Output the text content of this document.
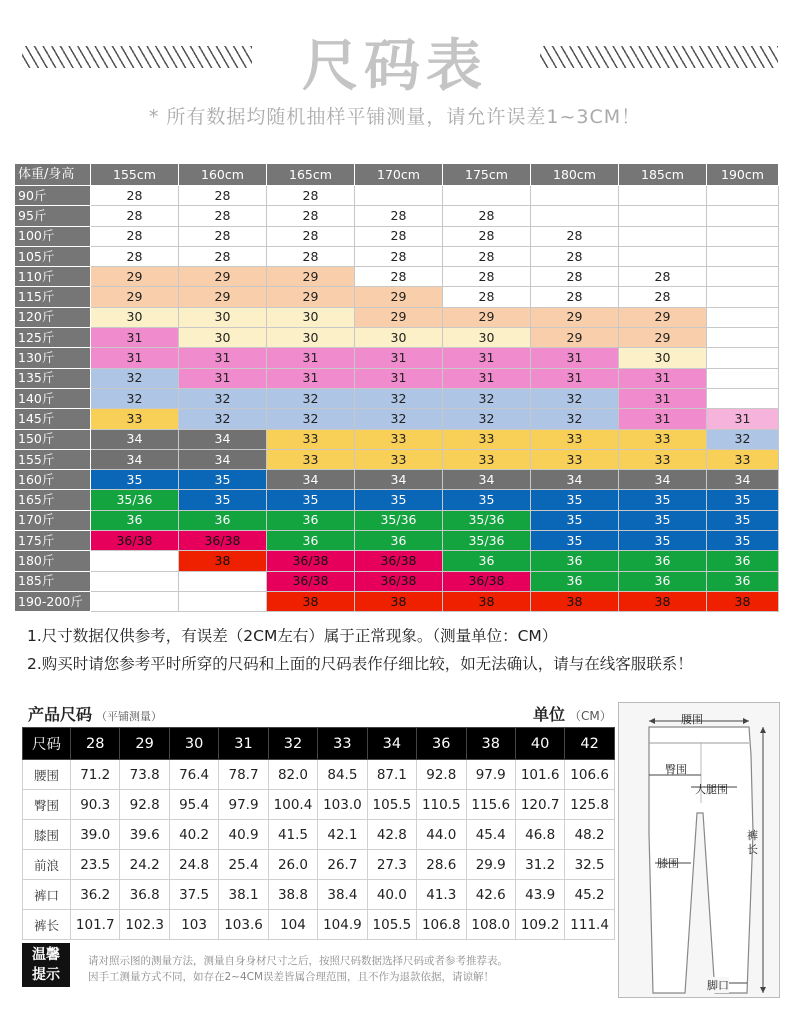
尺码表
* 所有数据均随机抽样平铺测量，请允许误差1~3CM！
体重/身高	155cm	160cm	165cm	170cm	175cm	180cm	185cm	190cm
90斤	28	28	28					
95斤	28	28	28	28	28			
100斤	28	28	28	28	28	28		
105斤	28	28	28	28	28	28		
110斤	29	29	29	28	28	28	28	
115斤	29	29	29	29	28	28	28	
120斤	30	30	30	29	29	29	29	
125斤	31	30	30	30	30	29	29	
130斤	31	31	31	31	31	31	30	
135斤	32	31	31	31	31	31	31	
140斤	32	32	32	32	32	32	31	
145斤	33	32	32	32	32	32	31	31
150斤	34	34	33	33	33	33	33	32
155斤	34	34	33	33	33	33	33	33
160斤	35	35	34	34	34	34	34	34
165斤	35/36	35	35	35	35	35	35	35
170斤	36	36	36	35/36	35/36	35	35	35
175斤	36/38	36/38	36	36	35/36	35	35	35
180斤		38	36/38	36/38	36	36	36	36
185斤			36/38	36/38	36/38	36	36	36
190-200斤			38	38	38	38	38	38
1.尺寸数据仅供参考，有误差（2CM左右）属于正常现象。（测量单位：CM）
2.购买时请您参考平时所穿的尺码和上面的尺码表作仔细比较，如无法确认，请与在线客服联系！
产品尺码 （平铺测量）	单位 （CM）
尺码	28	29	30	31	32	33	34	36	38	40	42
腰围	71.2	73.8	76.4	78.7	82.0	84.5	87.1	92.8	97.9	101.6	106.6
臀围	90.3	92.8	95.4	97.9	100.4	103.0	105.5	110.5	115.6	120.7	125.8
膝围	39.0	39.6	40.2	40.9	41.5	42.1	42.8	44.0	45.4	46.8	48.2
前浪	23.5	24.2	24.8	25.4	26.0	26.7	27.3	28.6	29.9	31.2	32.5
裤口	36.2	36.8	37.5	38.1	38.8	38.4	40.0	41.3	42.6	43.9	45.2
裤长	101.7	102.3	103	103.6	104	104.9	105.5	106.8	108.0	109.2	111.4
温馨提示
请对照示图的测量方法，测量自身身材尺寸之后，按照尺码数据选择尺码或者参考推荐表。
因手工测量方式不同，如存在2~4CM误差皆属合理范围，且不作为退款依据，请谅解！
腰围
臀围
大腿围
膝围
裤长
脚口
